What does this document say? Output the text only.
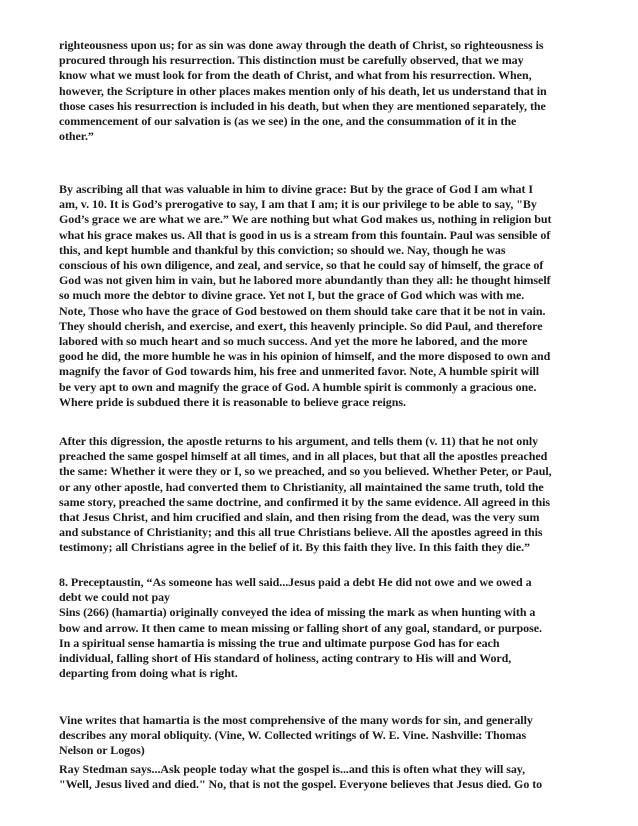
righteousness upon us; for as sin was done away through the death of Christ, so righteousness is
procured through his resurrection. This distinction must be carefully observed, that we may
know what we must look for from the death of Christ, and what from his resurrection. When,
however, the Scripture in other places makes mention only of his death, let us understand that in
those cases his resurrection is included in his death, but when they are mentioned separately, the
commencement of our salvation is (as we see) in the one, and the consummation of it in the
other.”

By ascribing all that was valuable in him to divine grace: But by the grace of God I am what I
am, v. 10. It is God’s prerogative to say, I am that I am; it is our privilege to be able to say, "By
God’s grace we are what we are.” We are nothing but what God makes us, nothing in religion but
what his grace makes us. All that is good in us is a stream from this fountain. Paul was sensible of
this, and kept humble and thankful by this conviction; so should we. Nay, though he was
conscious of his own diligence, and zeal, and service, so that he could say of himself, the grace of
God was not given him in vain, but he labored more abundantly than they all: he thought himself
so much more the debtor to divine grace. Yet not I, but the grace of God which was with me.
Note, Those who have the grace of God bestowed on them should take care that it be not in vain.
They should cherish, and exercise, and exert, this heavenly principle. So did Paul, and therefore
labored with so much heart and so much success. And yet the more he labored, and the more
good he did, the more humble he was in his opinion of himself, and the more disposed to own and
magnify the favor of God towards him, his free and unmerited favor. Note, A humble spirit will
be very apt to own and magnify the grace of God. A humble spirit is commonly a gracious one.
Where pride is subdued there it is reasonable to believe grace reigns.

After this digression, the apostle returns to his argument, and tells them (v. 11) that he not only
preached the same gospel himself at all times, and in all places, but that all the apostles preached
the same: Whether it were they or I, so we preached, and so you believed. Whether Peter, or Paul,
or any other apostle, had converted them to Christianity, all maintained the same truth, told the
same story, preached the same doctrine, and confirmed it by the same evidence. All agreed in this
that Jesus Christ, and him crucified and slain, and then rising from the dead, was the very sum
and substance of Christianity; and this all true Christians believe. All the apostles agreed in this
testimony; all Christians agree in the belief of it. By this faith they live. In this faith they die.”

8. Preceptaustin, “As someone has well said...Jesus paid a debt He did not owe and we owed a
debt we could not pay
Sins (266) (hamartia) originally conveyed the idea of missing the mark as when hunting with a
bow and arrow. It then came to mean missing or falling short of any goal, standard, or purpose.
In a spiritual sense hamartia is missing the true and ultimate purpose God has for each
individual, falling short of His standard of holiness, acting contrary to His will and Word,
departing from doing what is right.

Vine writes that hamartia is the most comprehensive of the many words for sin, and generally
describes any moral obliquity. (Vine, W. Collected writings of W. E. Vine. Nashville: Thomas
Nelson or Logos)

Ray Stedman says...Ask people today what the gospel is...and this is often what they will say,
"Well, Jesus lived and died." No, that is not the gospel. Everyone believes that Jesus died. Go to
